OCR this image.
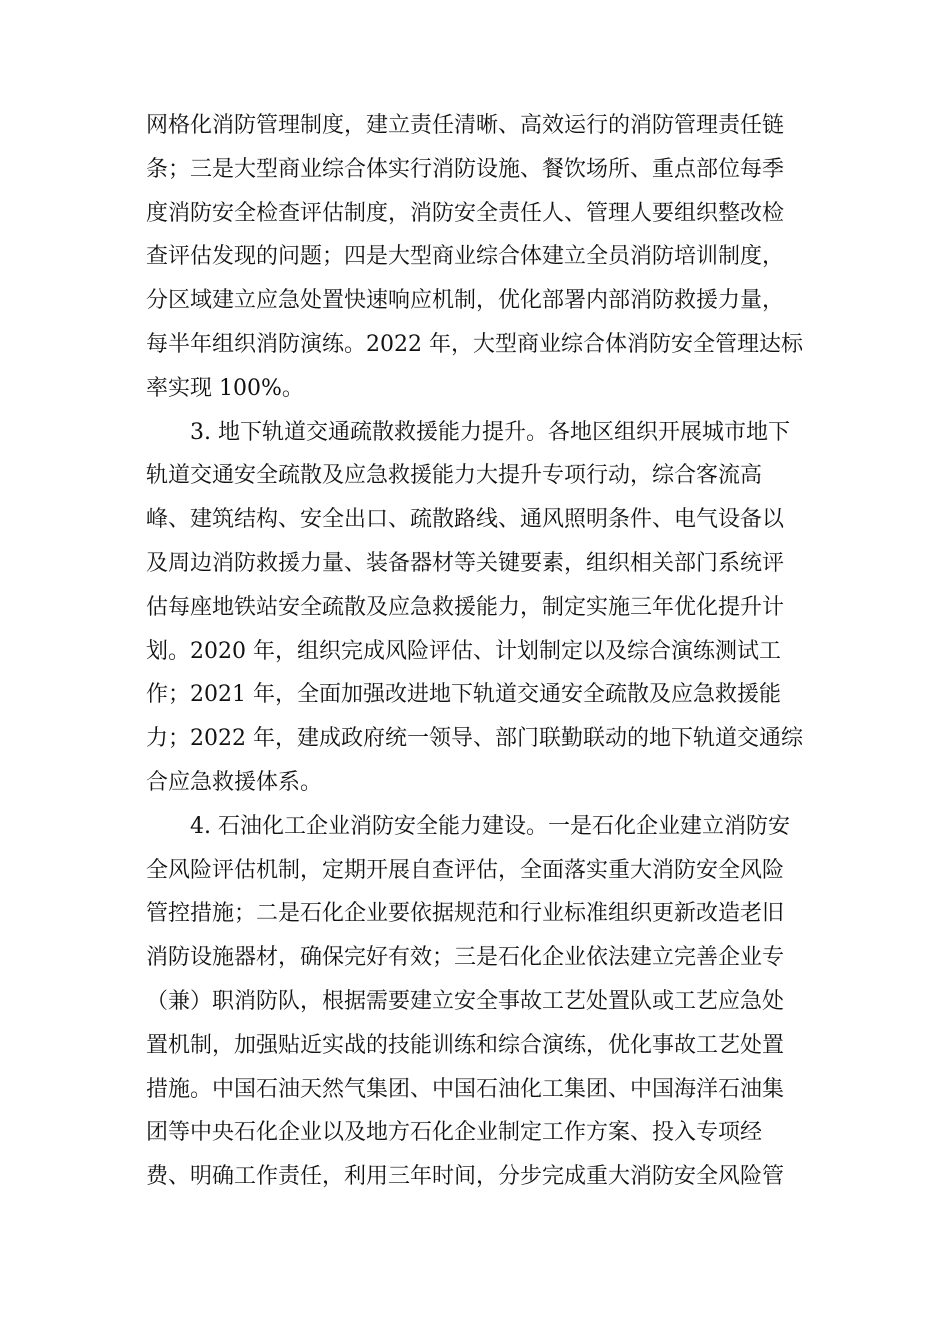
网格化消防管理制度，建立责任清晰、高效运行的消防管理责任链
条；三是大型商业综合体实行消防设施、餐饮场所、重点部位每季
度消防安全检查评估制度，消防安全责任人、管理人要组织整改检
查评估发现的问题；四是大型商业综合体建立全员消防培训制度，
分区域建立应急处置快速响应机制，优化部署内部消防救援力量，
每半年组织消防演练。2022 年，大型商业综合体消防安全管理达标
率实现 100%。
3. 地下轨道交通疏散救援能力提升。各地区组织开展城市地下
轨道交通安全疏散及应急救援能力大提升专项行动，综合客流高
峰、建筑结构、安全出口、疏散路线、通风照明条件、电气设备以
及周边消防救援力量、装备器材等关键要素，组织相关部门系统评
估每座地铁站安全疏散及应急救援能力，制定实施三年优化提升计
划。2020 年，组织完成风险评估、计划制定以及综合演练测试工
作；2021 年，全面加强改进地下轨道交通安全疏散及应急救援能
力；2022 年，建成政府统一领导、部门联勤联动的地下轨道交通综
合应急救援体系。
4. 石油化工企业消防安全能力建设。一是石化企业建立消防安
全风险评估机制，定期开展自查评估，全面落实重大消防安全风险
管控措施；二是石化企业要依据规范和行业标准组织更新改造老旧
消防设施器材，确保完好有效；三是石化企业依法建立完善企业专
（兼）职消防队，根据需要建立安全事故工艺处置队或工艺应急处
置机制，加强贴近实战的技能训练和综合演练，优化事故工艺处置
措施。中国石油天然气集团、中国石油化工集团、中国海洋石油集
团等中央石化企业以及地方石化企业制定工作方案、投入专项经
费、明确工作责任，利用三年时间，分步完成重大消防安全风险管
